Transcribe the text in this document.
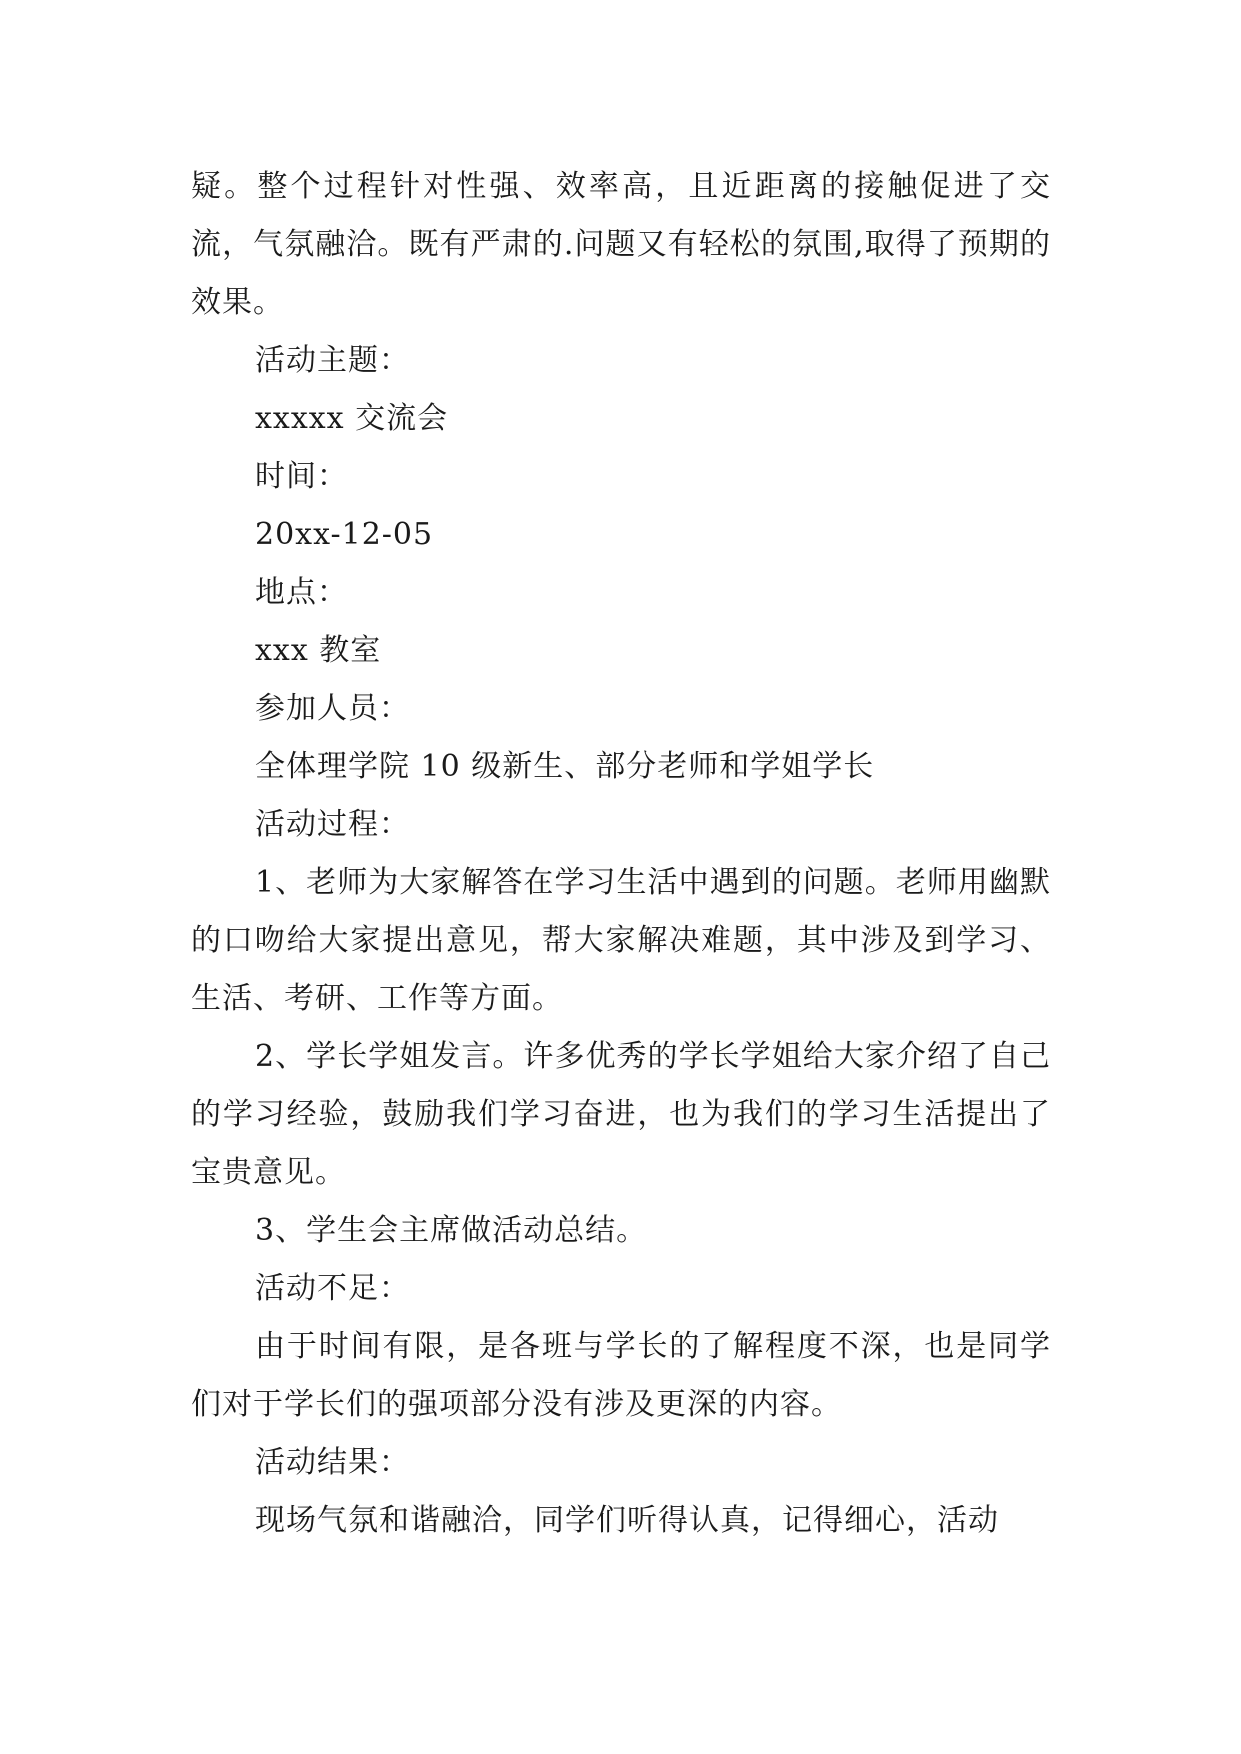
疑。整个过程针对性强、效率高，且近距离的接触促进了交流，气氛融洽。既有严肃的.问题又有轻松的氛围,取得了预期的效果。

活动主题：

xxxxx 交流会

时间：

20xx-12-05

地点：

xxx 教室

参加人员：

全体理学院 10 级新生、部分老师和学姐学长

活动过程：

1、老师为大家解答在学习生活中遇到的问题。老师用幽默的口吻给大家提出意见，帮大家解决难题，其中涉及到学习、生活、考研、工作等方面。

2、学长学姐发言。许多优秀的学长学姐给大家介绍了自己的学习经验，鼓励我们学习奋进，也为我们的学习生活提出了宝贵意见。

3、学生会主席做活动总结。

活动不足：

由于时间有限，是各班与学长的了解程度不深，也是同学们对于学长们的强项部分没有涉及更深的内容。

活动结果：

现场气氛和谐融洽，同学们听得认真，记得细心，活动
